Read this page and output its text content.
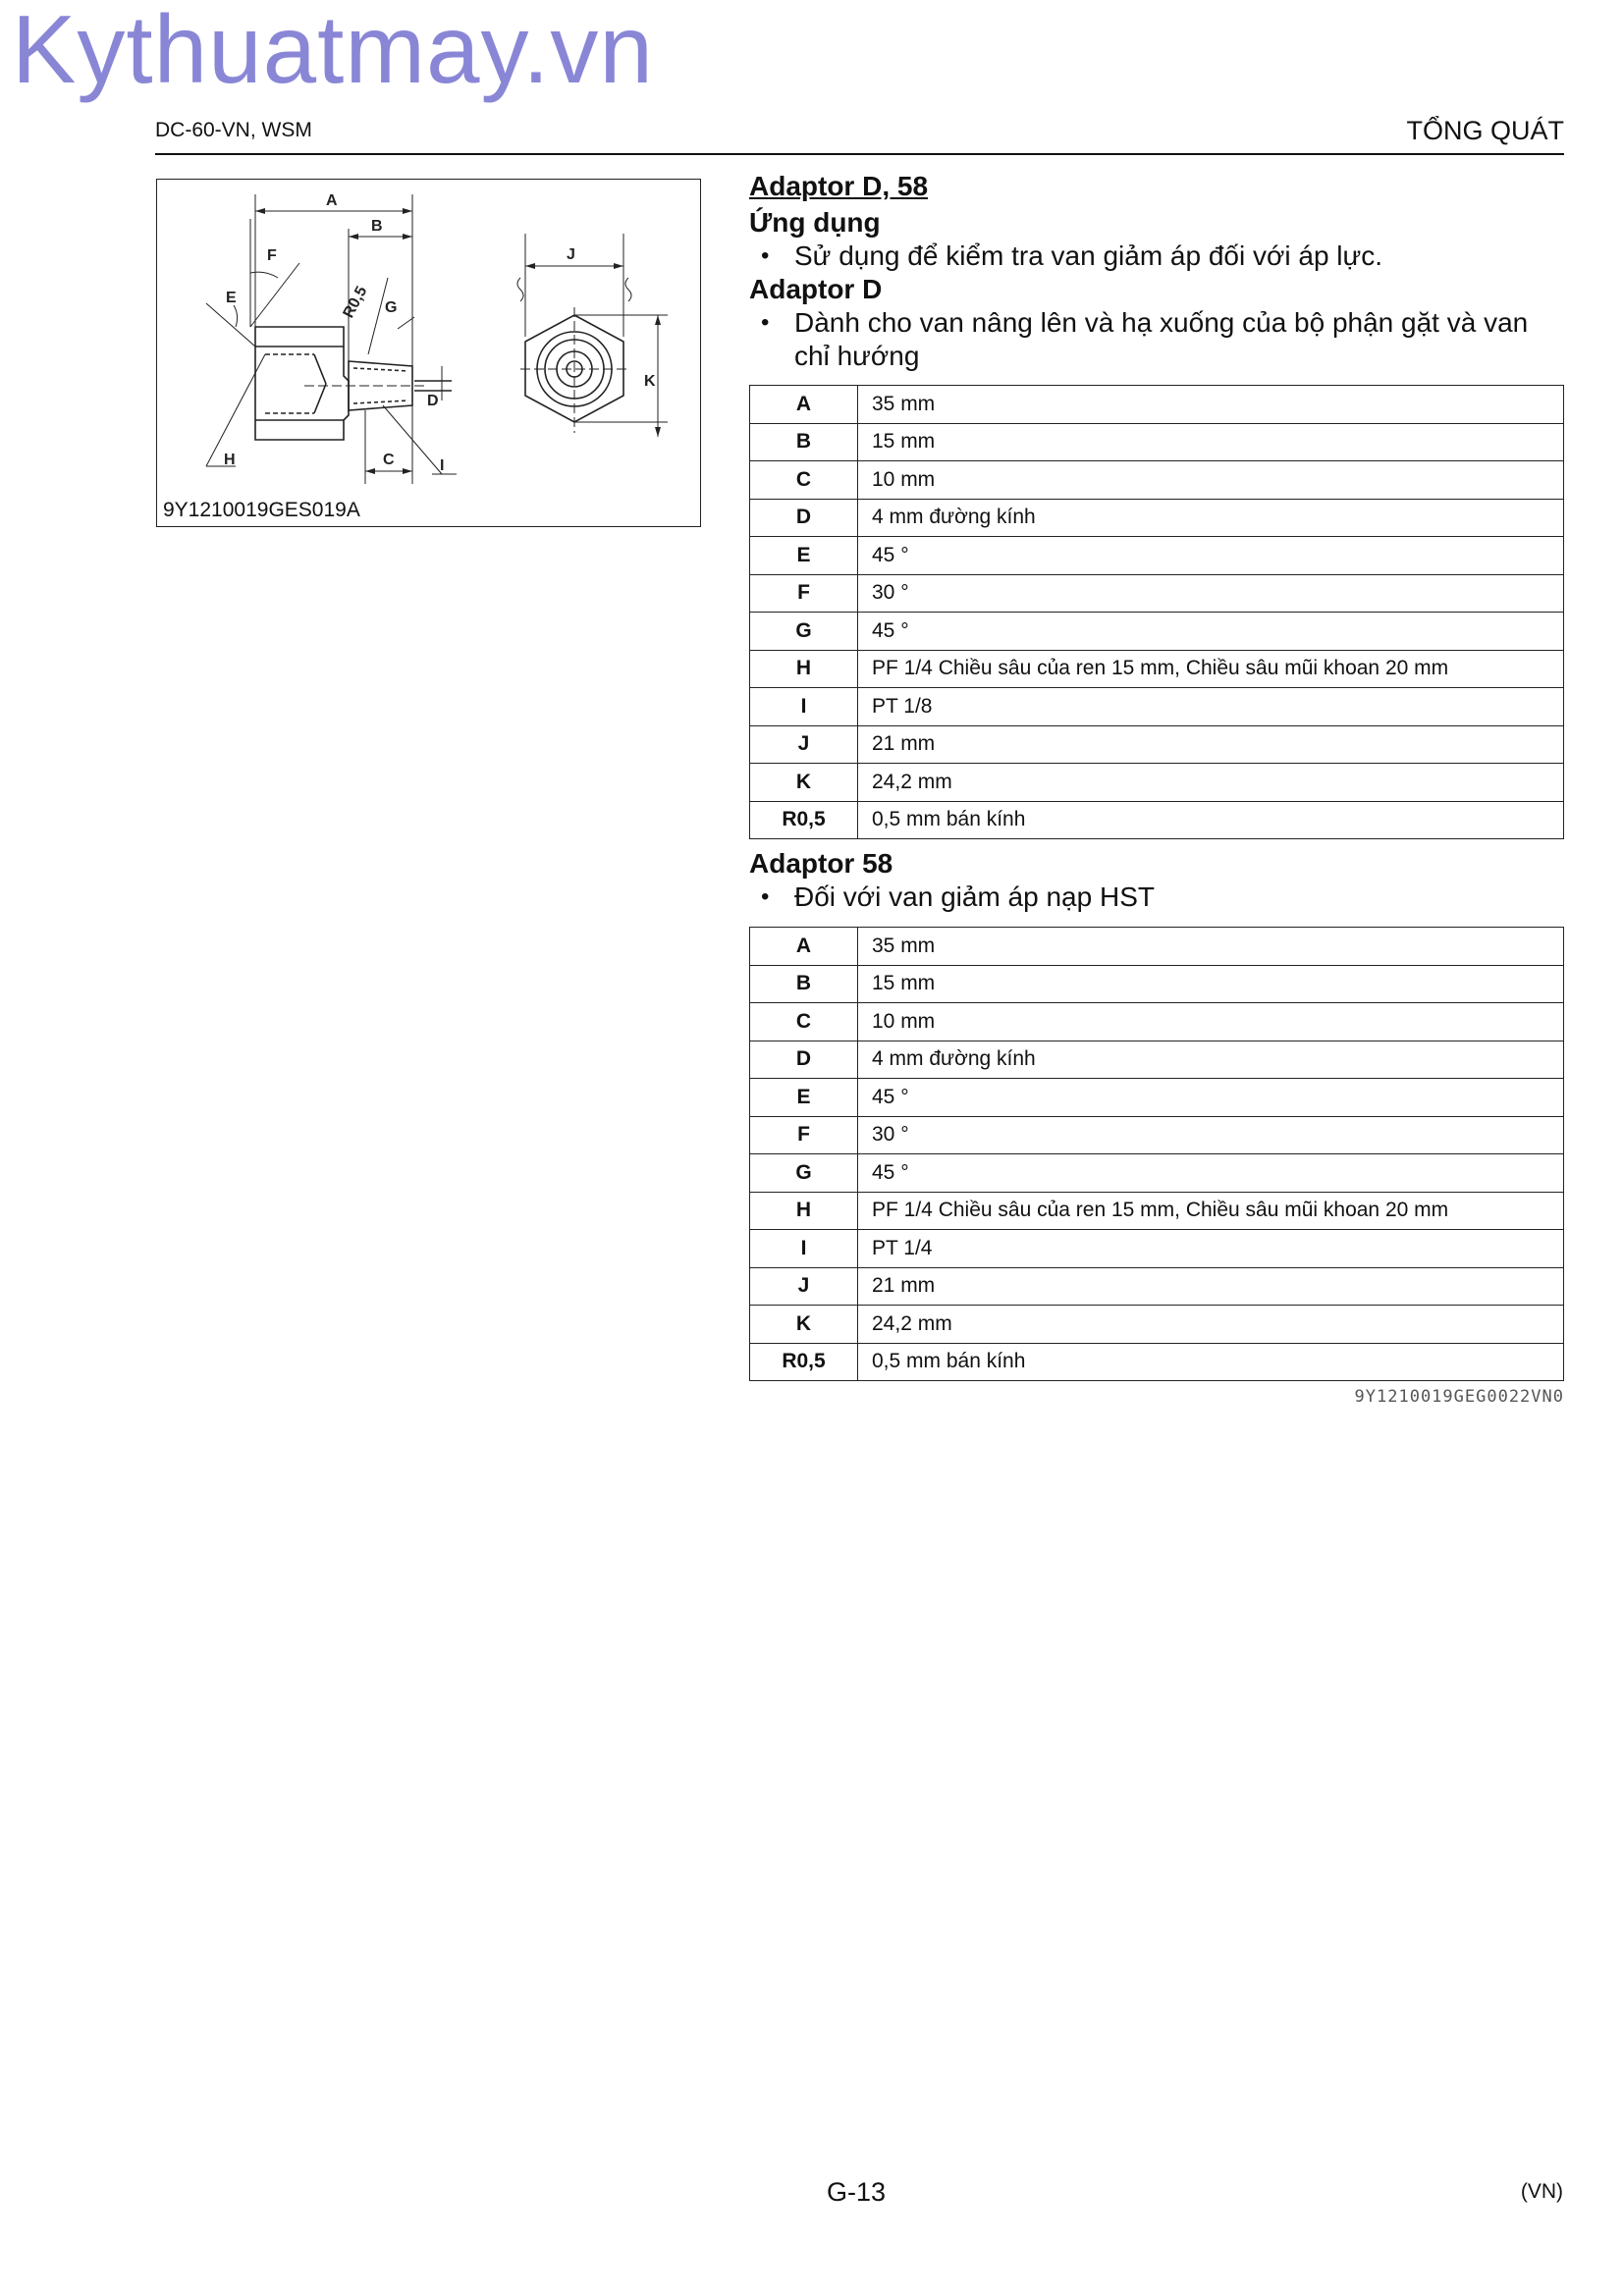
Kythuatmay.vn
DC-60-VN, WSM	TỔNG QUÁT
A
B
F
E	R0,5 G
D
H	C	I
J
K
9Y1210019GES019A

Adaptor D, 58

Ứng dụng

• Sử dụng để kiểm tra van giảm áp đối với áp lực.

Adaptor D

• Dành cho van nâng lên và hạ xuống của bộ phận gặt và van chỉ hướng

A	35 mm
B	15 mm
C	10 mm
D	4 mm đường kính
E	45 °
F	30 °
G	45 °
H	PF 1/4 Chiều sâu của ren 15 mm, Chiều sâu mũi khoan 20 mm
I	PT 1/8
J	21 mm
K	24,2 mm
R0,5	0,5 mm bán kính

Adaptor 58

• Đối với van giảm áp nạp HST

A	35 mm
B	15 mm
C	10 mm
D	4 mm đường kính
E	45 °
F	30 °
G	45 °
H	PF 1/4 Chiều sâu của ren 15 mm, Chiều sâu mũi khoan 20 mm
I	PT 1/4
J	21 mm
K	24,2 mm
R0,5	0,5 mm bán kính
9Y1210019GEG0022VN0
G-13	(VN)
